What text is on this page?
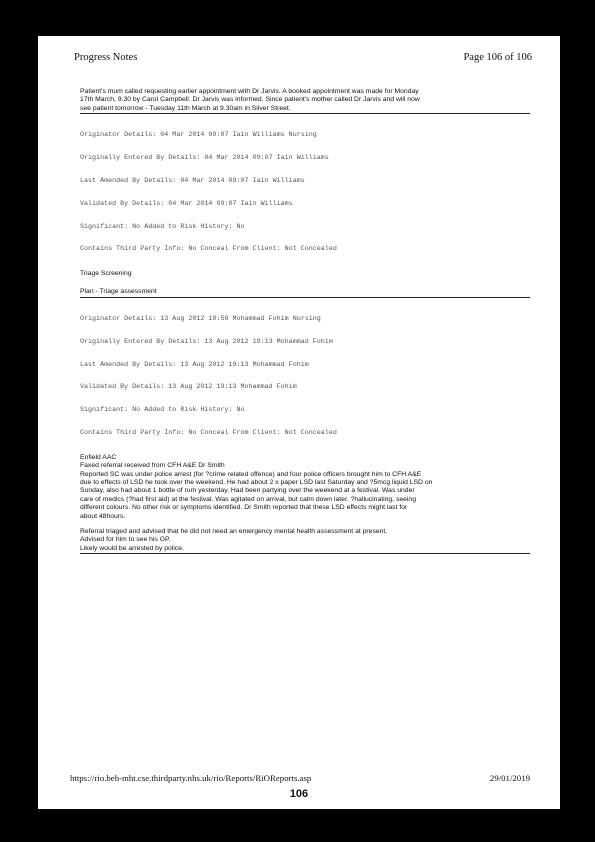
Progress Notes	Page 106 of 106
Patient's mum called requesting earlier appointment with Dr Jarvis. A booked appointment was made for Monday
17th March, 9.30 by Carol Campbell. Dr Jarvis was informed. Since patient's mother called Dr Jarvis and will now
see patient tomorrow - Tuesday 11th March at 9.30am in Silver Street.

Originator Details: 04 Mar 2014 09:07 Iain Williams Nursing

Originally Entered By Details: 04 Mar 2014 09:07 Iain Williams

Last Amended By Details: 04 Mar 2014 09:07 Iain Williams

Validated By Details: 04 Mar 2014 09:07 Iain Williams

Significant: No Added to Risk History: No

Contains Third Party Info: No Conceal From Client: Not Concealed

Triage Screening
Plan - Triage assessment

Originator Details: 13 Aug 2012 18:58 Mohammad Fohim Nursing

Originally Entered By Details: 13 Aug 2012 19:13 Mohammad Fohim

Last Amended By Details: 13 Aug 2012 19:13 Mohammad Fohim

Validated By Details: 13 Aug 2012 19:13 Mohammad Fohim

Significant: No Added to Risk History: No

Contains Third Party Info: No Conceal From Client: Not Concealed

Enfield AAC
Faxed referral received from CFH A&E Dr Smith
Reported SC was under police arrest (for ?crime related offence) and four police officers brought him to CFH A&E
due to effects of LSD he took over the weekend. He had about 2 x paper LSD last Saturday and ?5mcg liquid LSD on
Sunday, also had about 1 bottle of rum yesterday. Had been partying over the weekend at a festival. Was under
care of medics (?had first aid) at the festival. Was agitated on arrival, but calm down later. ?hallucinating, seeing
different colours. No other risk or symptoms identified. Dr Smith reported that these LSD effects might last for
about 48hours.
Referral triaged and advised that he did not need an emergency mental health assessment at present.
Advised for him to see his GP.
Likely would be arrested by police.
https://rio.beh-mht.cse.thirdparty.nhs.uk/rio/Reports/RiOReports.asp	29/01/2019
106
